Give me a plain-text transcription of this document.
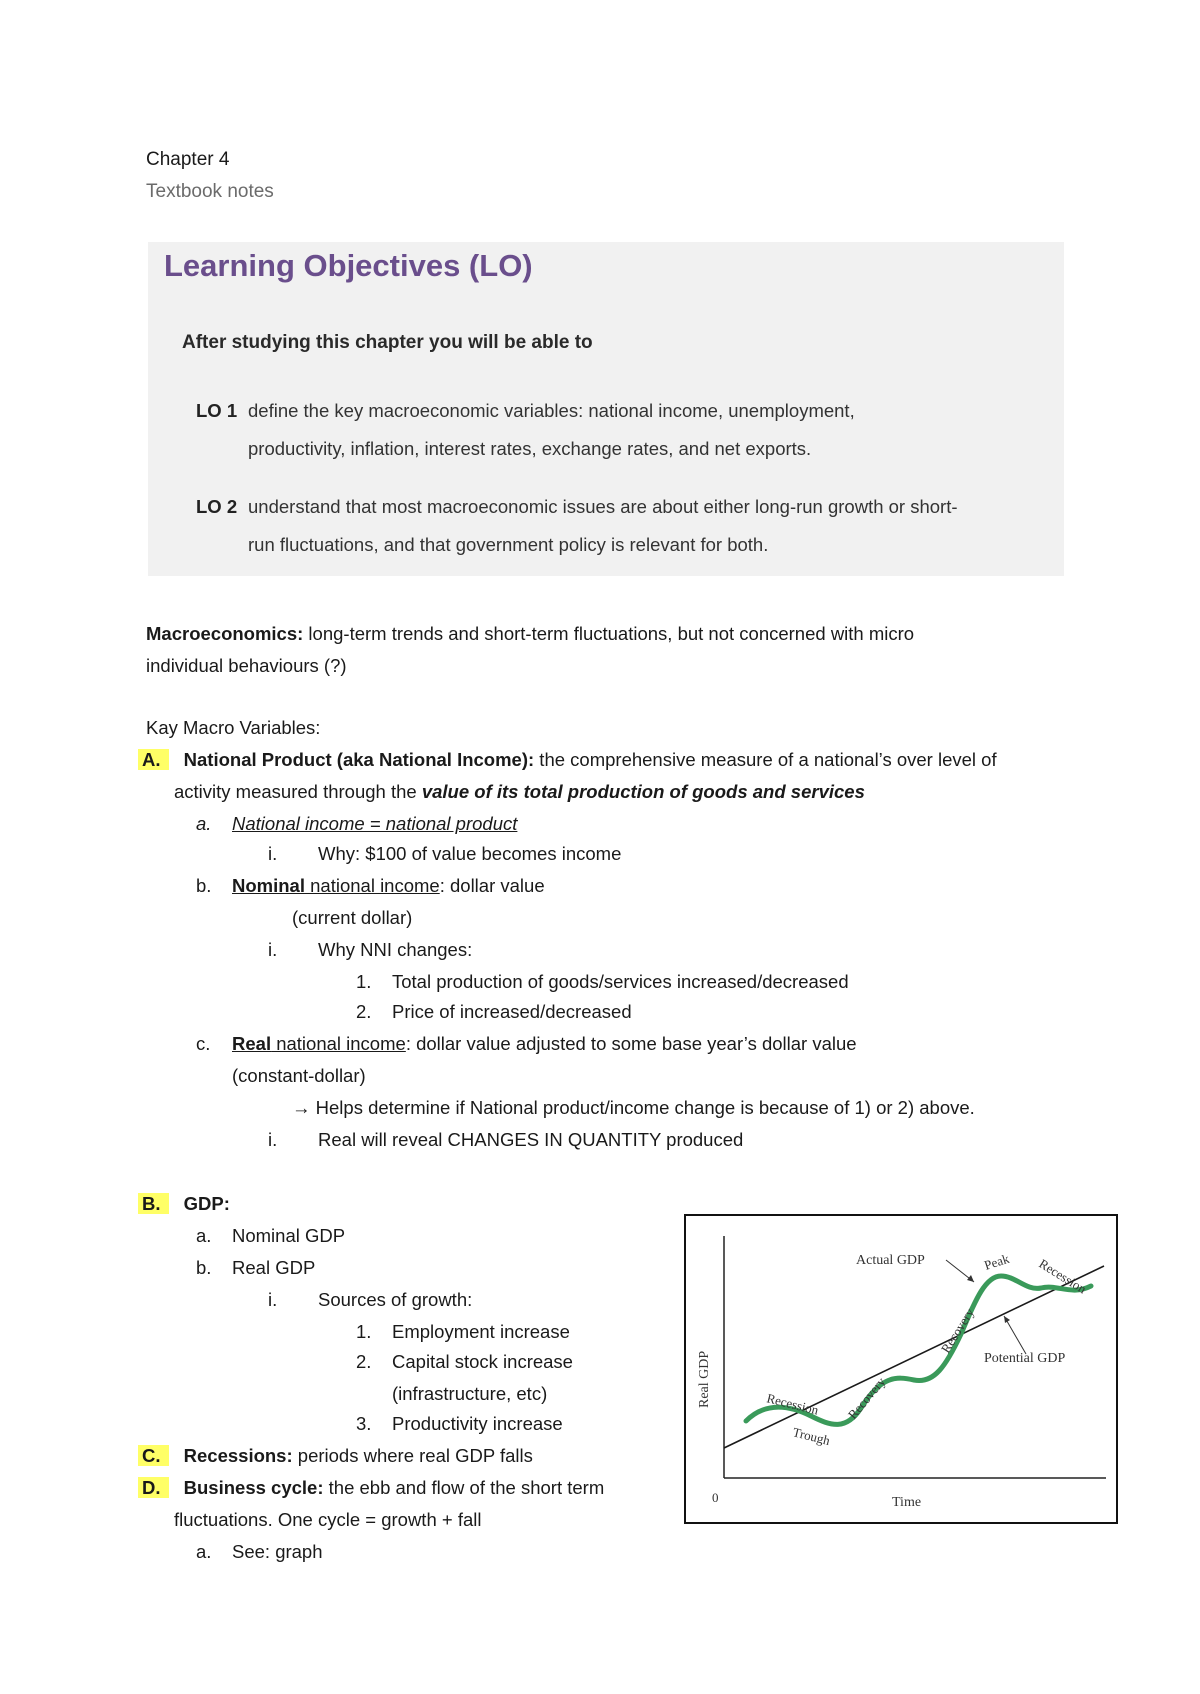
Chapter 4
Textbook notes
Learning Objectives (LO)
After studying this chapter you will be able to
LO 1 define the key macroeconomic variables: national income, unemployment,
productivity, inflation, interest rates, exchange rates, and net exports.
LO 2 understand that most macroeconomic issues are about either long-run growth or short-
run fluctuations, and that government policy is relevant for both.
Macroeconomics: long-term trends and short-term fluctuations, but not concerned with micro
individual behaviours (?)
Kay Macro Variables:
A. National Product (aka National Income): the comprehensive measure of a national’s over level of
activity measured through the value of its total production of goods and services
a. National income = national product
i. Why: $100 of value becomes income
b. Nominal national income: dollar value
(current dollar)
i. Why NNI changes:
1. Total production of goods/services increased/decreased
2. Price of increased/decreased
c. Real national income: dollar value adjusted to some base year’s dollar value
(constant-dollar)
→ Helps determine if National product/income change is because of 1) or 2) above.
i. Real will reveal CHANGES IN QUANTITY produced
B. GDP:
a. Nominal GDP
b. Real GDP
i. Sources of growth:
1. Employment increase
2. Capital stock increase
(infrastructure, etc)
3. Productivity increase
C. Recessions: periods where real GDP falls
D. Business cycle: the ebb and flow of the short term
fluctuations. One cycle = growth + fall
a. See: graph
Actual GDP
Potential GDP
Peak Recession
Recovery
Recovery
Recession
Trough
Real GDP
Time
0
